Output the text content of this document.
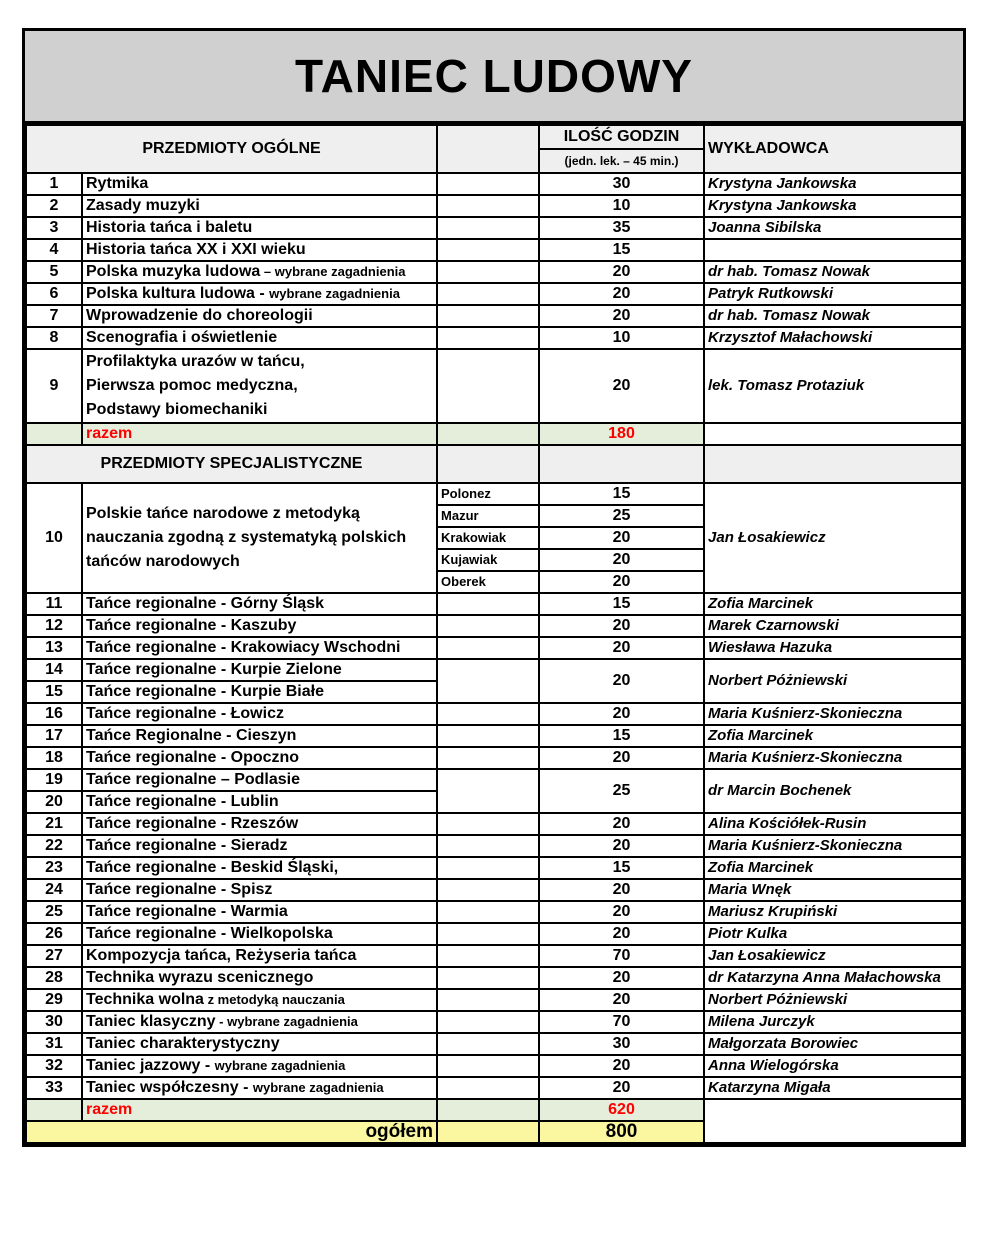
TANIEC LUDOWY
PRZEDMIOTY OGÓLNE			ILOŚĆ GODZIN
(jedn. lek. – 45 min.)	WYKŁADOWCA
1	Rytmika		30	Krystyna Jankowska
2	Zasady muzyki		10	Krystyna Jankowska
3	Historia tańca i baletu		35	Joanna Sibilska
4	Historia tańca XX i XXI wieku		15	
5	Polska muzyka ludowa – wybrane zagadnienia		20	dr hab. Tomasz Nowak
6	Polska kultura ludowa - wybrane zagadnienia		20	Patryk Rutkowski
7	Wprowadzenie do choreologii		20	dr hab. Tomasz Nowak
8	Scenografia i oświetlenie		10	Krzysztof Małachowski
9	Profilaktyka urazów w tańcu,
Pierwsza pomoc medyczna,
Podstawy biomechaniki		20	lek. Tomasz Protaziuk
	razem		180	
PRZEDMIOTY SPECJALISTYCZNE				
10	Polskie tańce narodowe z metodyką
nauczania zgodną z systematyką polskich
tańców narodowych	Polonez	15	Jan Łosakiewicz
		Mazur	25	
		Krakowiak	20	
		Kujawiak	20	
		Oberek	20	
11	Tańce regionalne - Górny Śląsk		15	Zofia Marcinek
12	Tańce regionalne - Kaszuby		20	Marek Czarnowski
13	Tańce regionalne - Krakowiacy Wschodni		20	Wiesława Hazuka
14	Tańce regionalne - Kurpie Zielone		20	Norbert Póżniewski
15	Tańce regionalne - Kurpie Białe			
16	Tańce regionalne - Łowicz		20	Maria Kuśnierz-Skonieczna
17	Tańce Regionalne - Cieszyn		15	Zofia Marcinek
18	Tańce regionalne - Opoczno		20	Maria Kuśnierz-Skonieczna
19	Tańce regionalne – Podlasie		25	dr Marcin Bochenek
20	Tańce regionalne - Lublin			
21	Tańce regionalne - Rzeszów		20	Alina Kościółek-Rusin
22	Tańce regionalne - Sieradz		20	Maria Kuśnierz-Skonieczna
23	Tańce regionalne - Beskid Śląski,		15	Zofia Marcinek
24	Tańce regionalne - Spisz		20	Maria Wnęk
25	Tańce regionalne - Warmia		20	Mariusz Krupiński
26	Tańce regionalne - Wielkopolska		20	Piotr Kulka
27	Kompozycja tańca, Reżyseria tańca		70	Jan Łosakiewicz
28	Technika wyrazu scenicznego		20	dr Katarzyna Anna Małachowska
29	Technika wolna z metodyką nauczania		20	Norbert Póżniewski
30	Taniec klasyczny - wybrane zagadnienia		70	Milena Jurczyk
31	Taniec charakterystyczny		30	Małgorzata Borowiec
32	Taniec jazzowy - wybrane zagadnienia		20	Anna Wielogórska
33	Taniec współczesny - wybrane zagadnienia		20	Katarzyna Migała
	razem		620	
ogółem			800	
